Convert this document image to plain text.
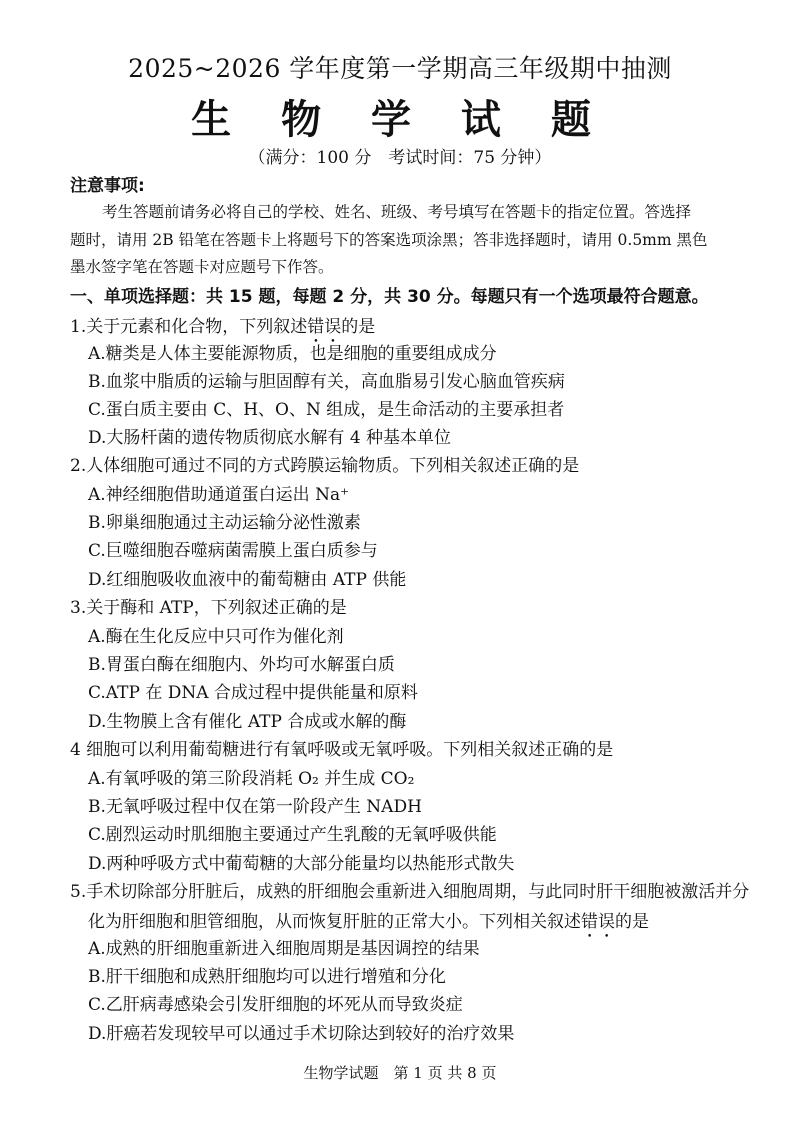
2025~2026 学年度第一学期高三年级期中抽测
生 物 学 试 题
（满分：100 分　考试时间：75 分钟）
注意事项:
考生答题前请务必将自己的学校、姓名、班级、考号填写在答题卡的指定位置。答选择
题时，请用 2B 铅笔在答题卡上将题号下的答案选项涂黑；答非选择题时，请用 0.5mm 黑色
墨水签字笔在答题卡对应题号下作答。
一、单项选择题：共 15 题，每题 2 分，共 30 分。每题只有一个选项最符合题意。
1.关于元素和化合物，下列叙述错误的是
A.糖类是人体主要能源物质，也是细胞的重要组成成分
B.血浆中脂质的运输与胆固醇有关，高血脂易引发心脑血管疾病
C.蛋白质主要由 C、H、O、N 组成，是生命活动的主要承担者
D.大肠杆菌的遗传物质彻底水解有 4 种基本单位
2.人体细胞可通过不同的方式跨膜运输物质。下列相关叙述正确的是
A.神经细胞借助通道蛋白运出 Na⁺
B.卵巢细胞通过主动运输分泌性激素
C.巨噬细胞吞噬病菌需膜上蛋白质参与
D.红细胞吸收血液中的葡萄糖由 ATP 供能
3.关于酶和 ATP，下列叙述正确的是
A.酶在生化反应中只可作为催化剂
B.胃蛋白酶在细胞内、外均可水解蛋白质
C.ATP 在 DNA 合成过程中提供能量和原料
D.生物膜上含有催化 ATP 合成或水解的酶
4 细胞可以利用葡萄糖进行有氧呼吸或无氧呼吸。下列相关叙述正确的是
A.有氧呼吸的第三阶段消耗 O₂ 并生成 CO₂
B.无氧呼吸过程中仅在第一阶段产生 NADH
C.剧烈运动时肌细胞主要通过产生乳酸的无氧呼吸供能
D.两种呼吸方式中葡萄糖的大部分能量均以热能形式散失
5.手术切除部分肝脏后，成熟的肝细胞会重新进入细胞周期，与此同时肝干细胞被激活并分
化为肝细胞和胆管细胞，从而恢复肝脏的正常大小。下列相关叙述错误的是
A.成熟的肝细胞重新进入细胞周期是基因调控的结果
B.肝干细胞和成熟肝细胞均可以进行增殖和分化
C.乙肝病毒感染会引发肝细胞的坏死从而导致炎症
D.肝癌若发现较早可以通过手术切除达到较好的治疗效果
生物学试题　第 1 页 共 8 页
